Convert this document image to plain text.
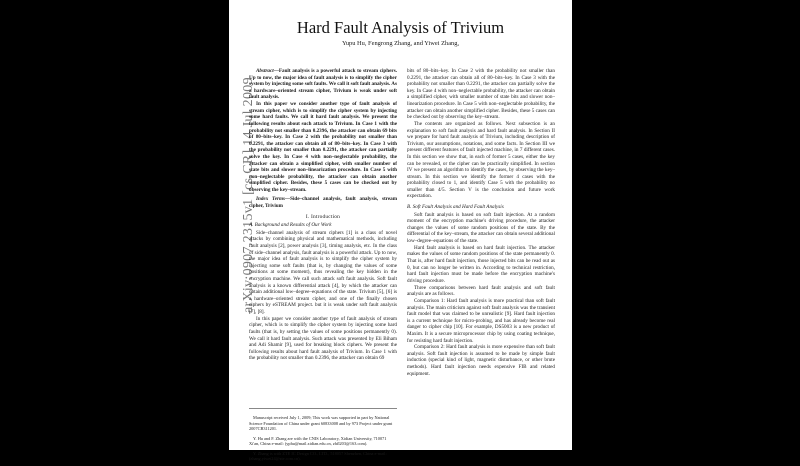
arXiv:0907.2315v1 [cs.CR] 14 Jul 2009
Hard Fault Analysis of Trivium
Yupu Hu, Fengrong Zhang, and Yiwei Zhang,

Abstract—Fault analysis is a powerful attack to stream ciphers. Up to now, the major idea of fault analysis is to simplify the cipher system by injecting some soft faults. We call it soft fault analysis. As a hardware–oriented stream cipher, Trivium is weak under soft fault analysis.

In this paper we consider another type of fault analysis of stream cipher, which is to simplify the cipher system by injecting some hard faults. We call it hard fault analysis. We present the following results about such attack to Trivium. In Case 1 with the probability not smaller than 0.2396, the attacker can obtain 69 bits of 80–bits–key. In Case 2 with the probability not smaller than 0.2291, the attacker can obtain all of 80–bits–key. In Case 3 with the probability not smaller than 0.2291, the attacker can partially solve the key. In Case 4 with non–neglectable probability, the attacker can obtain a simplified cipher, with smaller number of state bits and slower non–linearization procedure. In Case 5 with non–neglectable probability, the attacker can obtain another simplified cipher. Besides, these 5 cases can be checked out by observing the key–stream.

Index Terms—Side–channel analysis, fault analysis, stream cipher, Trivium

I. Introduction
A. Background and Results of Our Work

Side–channel analysis of stream ciphers [1] is a class of novel attacks by combining physical and mathematical methods, including fault analysis [2], power analysis [3], timing analysis, etc. In the class of side–channel analysis, fault analysis is a powerful attack. Up to now, the major idea of fault analysis is to simplify the cipher system by injecting some soft faults (that is, by changing the values of some positions at some moment), thus revealing the key hidden in the encryption machine. We call such attack soft fault analysis. Soft fault analysis is a known differential attack [4], by which the attacker can obtain additional low–degree–equations of the state. Trivium [5], [6] is a hardware–oriented stream cipher, and one of the finally chosen ciphers by eSTREAM project. but it is weak under soft fault analysis [7], [8].

In this paper we consider another type of fault analysis of stream cipher, which is to simplify the cipher system by injecting some hard faults (that is, by setting the values of some positions permanently 0). We call it hard fault analysis. Such attack was presented by Eli Biham and Adi Shamir [9], used for breaking block ciphers. We present the following results about hard fault analysis of Trivium. In Case 1 with the probability not smaller than 0.2396, the attacker can obtain 69

Manuscript received July 1, 2009; This work was supported in part by National Science Foundation of China under grant 60833008 and by 973 Project under grant 2007CB311201.

Y. Hu and F. Zhang are with the CNIS Laboratory, Xidian University, 710071 Xi'an, China e-mail: (yphu@mail.xidian.edu.cn, zhfl203@163.com).

Y. Zhang is with ZTE IC Design CO., LTD., 518057 Shenzhen, China e-mail: (zhang.yiwei24@zte.com.cn).

bits of 80–bits–key. In Case 2 with the probability not smaller than 0.2291, the attacker can obtain all of 80–bits–key. In Case 3 with the probability not smaller than 0.2291, the attacker can partially solve the key. In Case 4 with non–neglectable probability, the attacker can obtain a simplified cipher, with smaller number of state bits and slower non–linearization procedure. In Case 5 with non–neglectable probability, the attacker can obtain another simplified cipher. Besides, these 5 cases can be checked out by observing the key–stream.

The contents are organized as follows. Next subsection is an explanation to soft fault analysis and hard fault analysis. In Section II we prepare for hard fault analysis of Trivium, including description of Trivium, our assumptions, notations, and some facts. In Section III we present different features of fault injected machine, in 7 different cases. In this section we show that, in each of former 5 cases, either the key can be revealed, or the cipher can be practically simplified. In section IV we present an algorithm to identify the cases, by observing the key–stream. In this section we identify the former 4 cases with the probability closed to 1, and identify Case 5 with the probability no smaller than 4/5. Section V is the conclusion and future work expectation.

B. Soft Fault Analysis and Hard Fault Analysis

Soft fault analysis is based on soft fault injection. At a random moment of the encryption machine's driving procedure, the attacker changes the values of some random positions of the state. By the differential of the key–stream, the attacker can obtain several additional low–degree–equations of the state.

Hard fault analysis is based on hard fault injection. The attacker makes the values of some random positions of the state permanently 0. That is, after hard fault injection, those injected bits can be read out as 0, but can no longer be written in. According to technical restriction, hard fault injection must be made before the encryption machine's driving procedure.

Three comparisons between hard fault analysis and soft fault analysis are as follows.

Comparison 1: Hard fault analysis is more practical than soft fault analysis. The main criticism against soft fault analysis was the transient fault model that was claimed to be unrealistic [9]. Hard fault injection is a current technique for micro-probing, and has already become real danger to cipher chip [10]. For example, DS5003 is a new product of Maxim. It is a secure microprocessor chip by using coating technique, for resisting hard fault injection.

Comparison 2: Hard fault analysis is more expensive than soft fault analysis. Soft fault injection is assumed to be made by simple fault induction (special kind of light, magnetic disturbance, or other brute methods). Hard fault injection needs expensive FIB and related equipment.
